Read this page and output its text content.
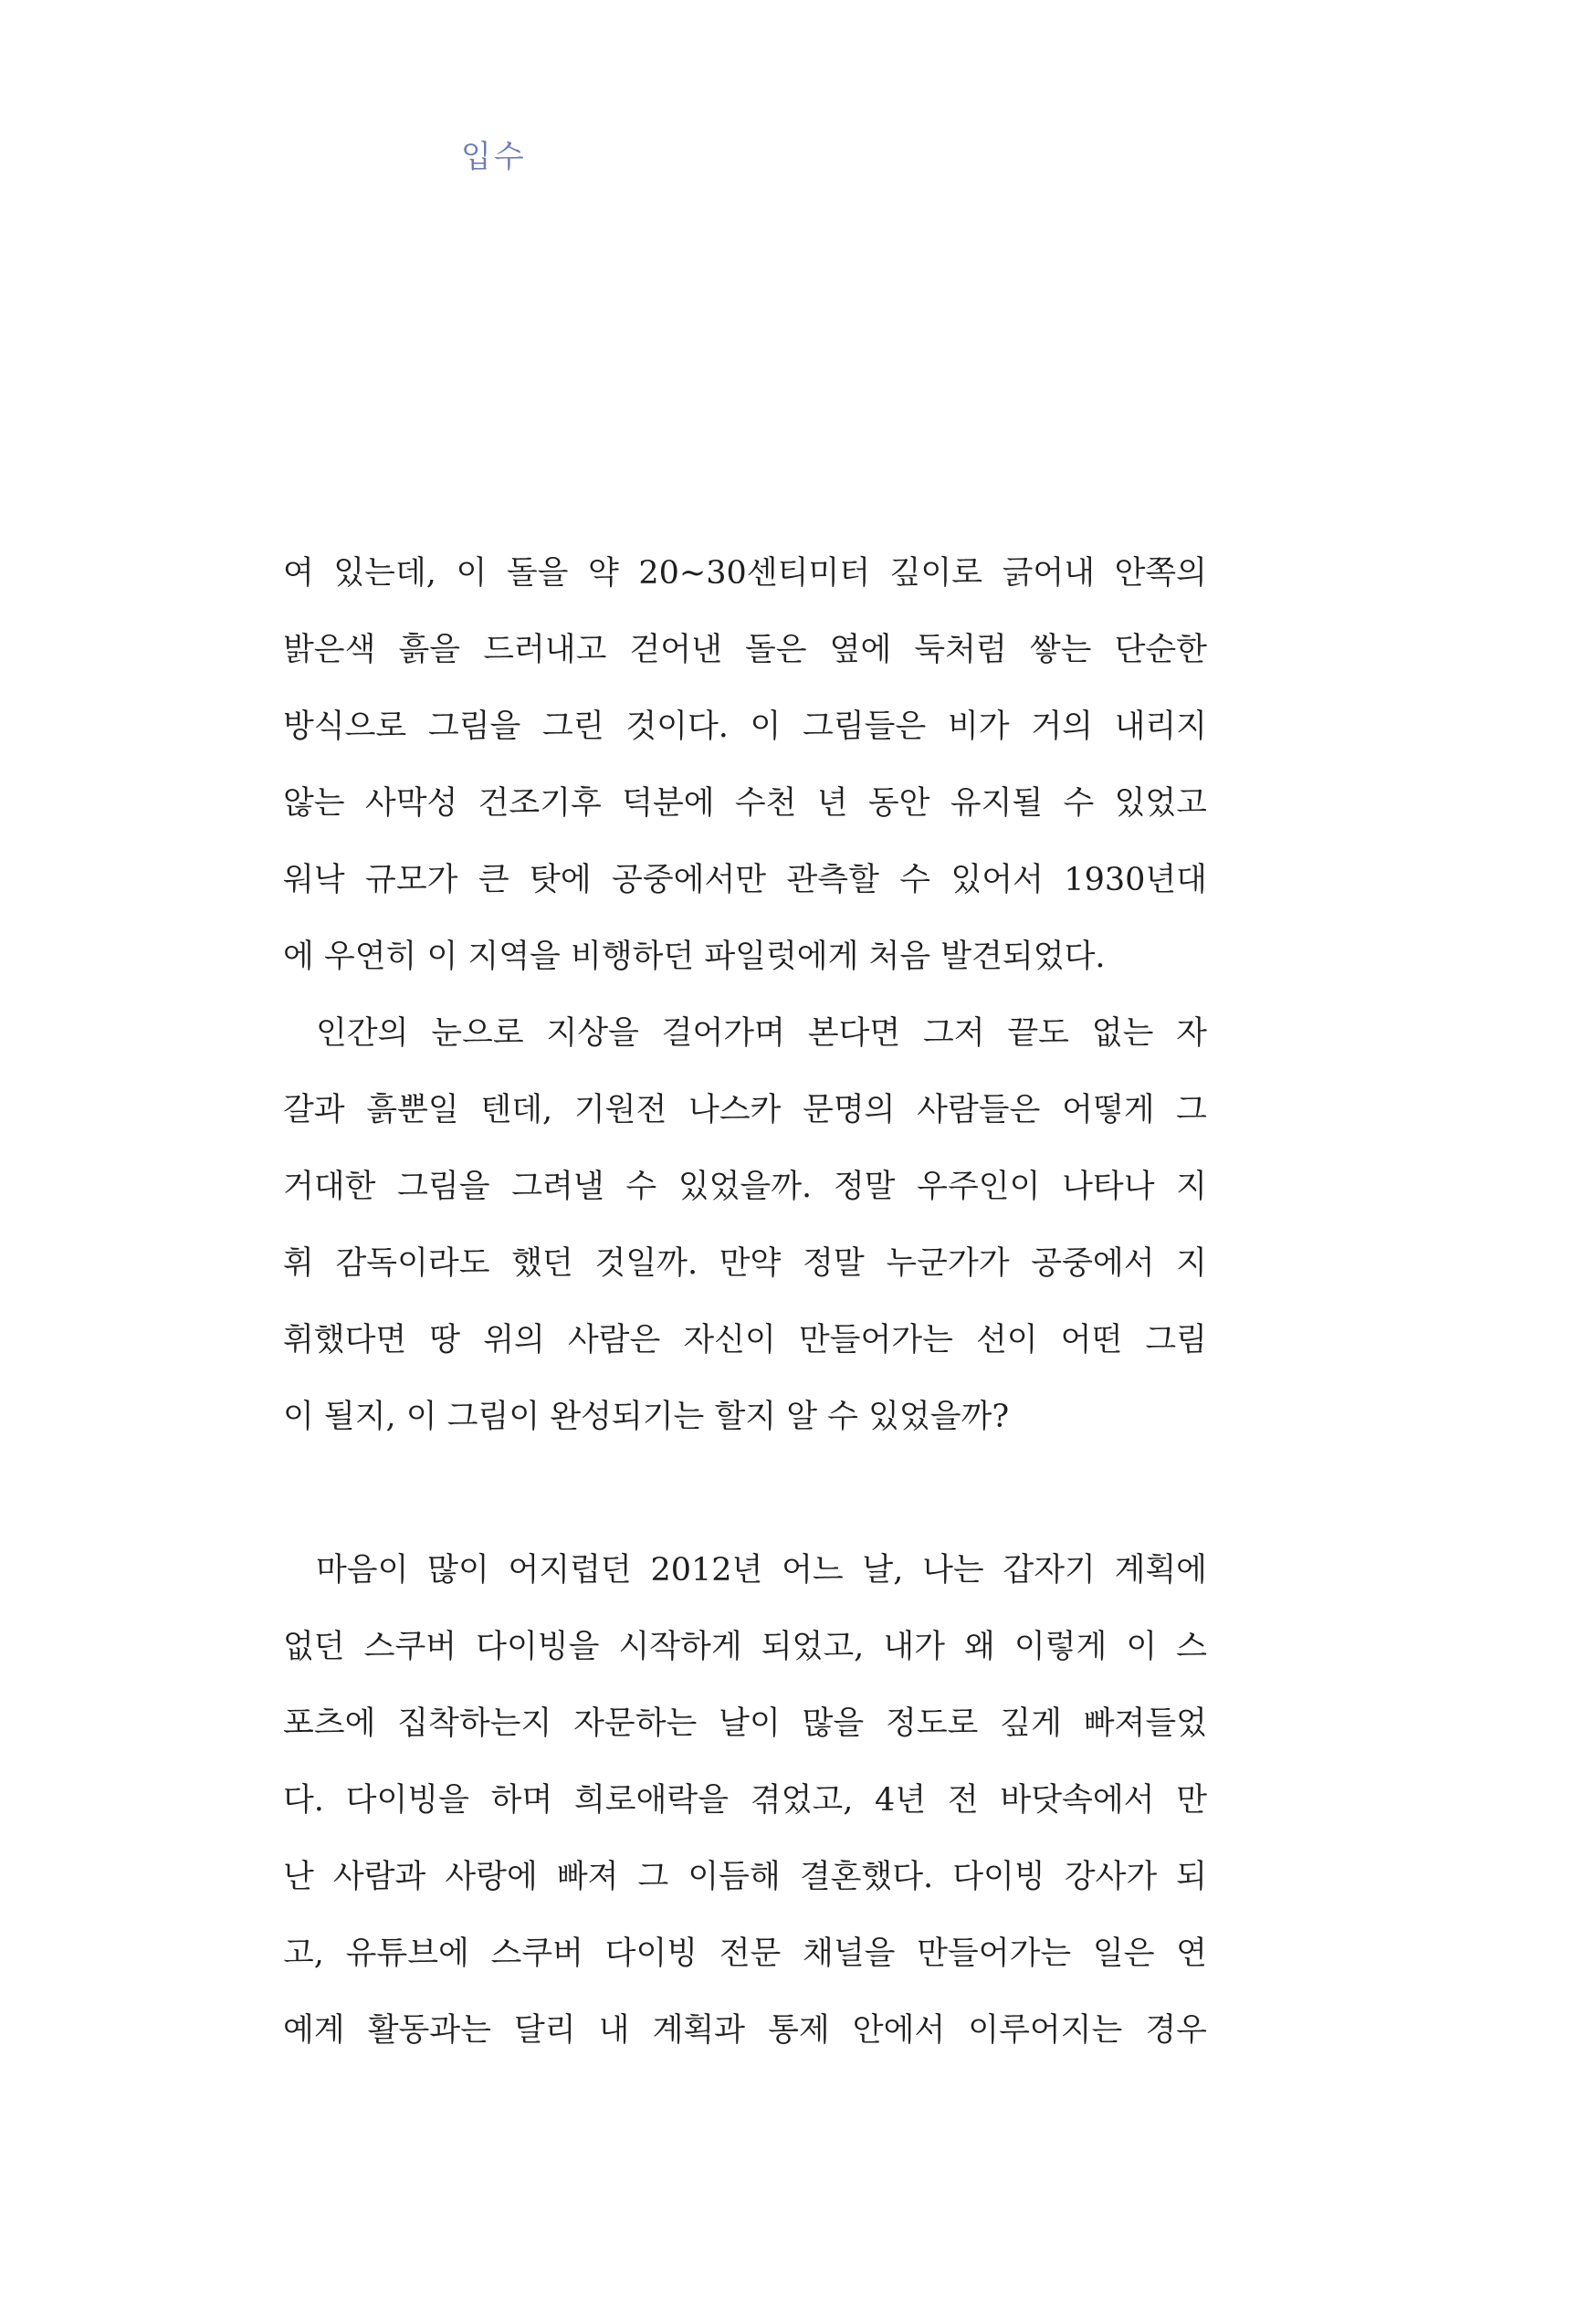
입수

여 있는데, 이 돌을 약 20~30센티미터 깊이로 긁어내 안쪽의

밝은색 흙을 드러내고 걷어낸 돌은 옆에 둑처럼 쌓는 단순한

방식으로 그림을 그린 것이다. 이 그림들은 비가 거의 내리지

않는 사막성 건조기후 덕분에 수천 년 동안 유지될 수 있었고

워낙 규모가 큰 탓에 공중에서만 관측할 수 있어서 1930년대

에 우연히 이 지역을 비행하던 파일럿에게 처음 발견되었다.

인간의 눈으로 지상을 걸어가며 본다면 그저 끝도 없는 자

갈과 흙뿐일 텐데, 기원전 나스카 문명의 사람들은 어떻게 그

거대한 그림을 그려낼 수 있었을까. 정말 우주인이 나타나 지

휘 감독이라도 했던 것일까. 만약 정말 누군가가 공중에서 지

휘했다면 땅 위의 사람은 자신이 만들어가는 선이 어떤 그림

이 될지, 이 그림이 완성되기는 할지 알 수 있었을까?

마음이 많이 어지럽던 2012년 어느 날, 나는 갑자기 계획에

없던 스쿠버 다이빙을 시작하게 되었고, 내가 왜 이렇게 이 스

포츠에 집착하는지 자문하는 날이 많을 정도로 깊게 빠져들었

다. 다이빙을 하며 희로애락을 겪었고, 4년 전 바닷속에서 만

난 사람과 사랑에 빠져 그 이듬해 결혼했다. 다이빙 강사가 되

고, 유튜브에 스쿠버 다이빙 전문 채널을 만들어가는 일은 연

예계 활동과는 달리 내 계획과 통제 안에서 이루어지는 경우
